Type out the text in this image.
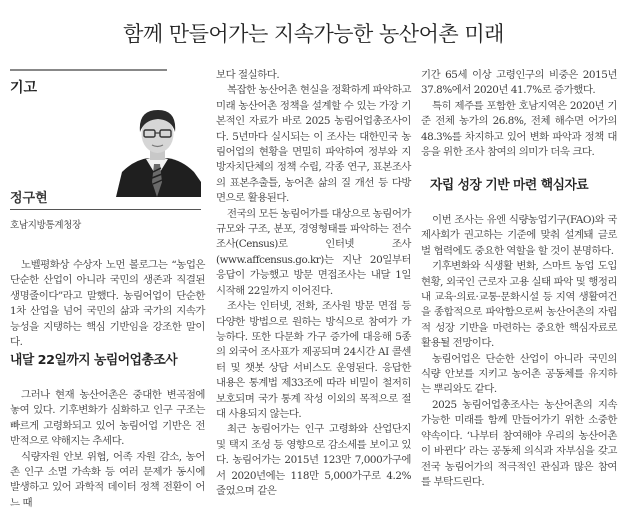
함께 만들어가는 지속가능한 농산어촌 미래
기고
정구현
호남지방통계청장

노벨평화상 수상자 노먼 볼로그는 “농업은 단순한 산업이 아니라 국민의 생존과 직결된 생명줄이다”라고 말했다. 농림어업이 단순한 1차 산업을 넘어 국민의 삶과 국가의 지속가능성을 지탱하는 핵심 기반임을 강조한 말이다.

내달 22일까지 농림어업총조사

그러나 현재 농산어촌은 중대한 변곡점에 놓여 있다. 기후변화가 심화하고 인구 구조는 빠르게 고령화되고 있어 농림어업 기반은 전반적으로 약해지는 추세다.

식량자원 안보 위협, 어족 자원 감소, 농어촌 인구 소멸 가속화 등 여러 문제가 동시에 발생하고 있어 과학적 데이터 정책 전환이 어느 때

보다 절실하다.

복잡한 농산어촌 현실을 정확하게 파악하고 미래 농산어촌 정책을 설계할 수 있는 가장 기본적인 자료가 바로 2025 농림어업총조사이다. 5년마다 실시되는 이 조사는 대한민국 농림어업의 현황을 면밀히 파악하여 정부와 지방자치단체의 정책 수립, 각종 연구, 표본조사의 표본추출틀, 농어촌 삶의 질 개선 등 다방면으로 활용된다.

전국의 모든 농림어가를 대상으로 농림어가 규모와 구조, 분포, 경영형태를 파악하는 전수조사(Census)로 인터넷 조사(www.affcensus.go.kr)는 지난 20일부터 응답이 가능했고 방문 면접조사는 내달 1일 시작해 22일까지 이어진다.

조사는 인터넷, 전화, 조사원 방문 면접 등 다양한 방법으로 원하는 방식으로 참여가 가능하다. 또한 다문화 가구 증가에 대응해 5종의 외국어 조사표가 제공되며 24시간 AI 콜센터 및 챗봇 상담 서비스도 운영된다. 응답한 내용은 통계법 제33조에 따라 비밀이 철저히 보호되며 국가 통계 작성 이외의 목적으로 절대 사용되지 않는다.

최근 농림어가는 인구 고령화와 산업단지 및 택지 조성 등 영향으로 감소세를 보이고 있다. 농림어가는 2015년 123만 7,000가구에서 2020년에는 118만 5,000가구로 4.2% 줄었으며 같은

기간 65세 이상 고령인구의 비중은 2015년 37.8%에서 2020년 41.7%로 증가했다.

특히 제주를 포함한 호남지역은 2020년 기준 전체 농가의 26.8%, 전체 해수면 어가의 48.3%를 차지하고 있어 변화 파악과 정책 대응을 위한 조사 참여의 의미가 더욱 크다.

자립 성장 기반 마련 핵심자료

이번 조사는 유엔 식량농업기구(FAO)와 국제사회가 권고하는 기준에 맞춰 설계돼 글로벌 협력에도 중요한 역할을 할 것이 분명하다.

기후변화와 식생활 변화, 스마트 농업 도입 현황, 외국인 근로자 고용 실태 파악 및 행정리 내 교육·의료·교통·문화시설 등 지역 생활여건을 종합적으로 파악함으로써 농산어촌의 자립적 성장 기반을 마련하는 중요한 핵심자료로 활용될 전망이다.

농림어업은 단순한 산업이 아니라 국민의 식량 안보를 지키고 농어촌 공동체를 유지하는 뿌리와도 같다.

2025 농림어업총조사는 농산어촌의 지속가능한 미래를 함께 만들어가기 위한 소중한 약속이다. ‘나부터 참여해야 우리의 농산어촌이 바뀐다’ 라는 공동체 의식과 자부심을 갖고 전국 농림어가의 적극적인 관심과 많은 참여를 부탁드린다.
